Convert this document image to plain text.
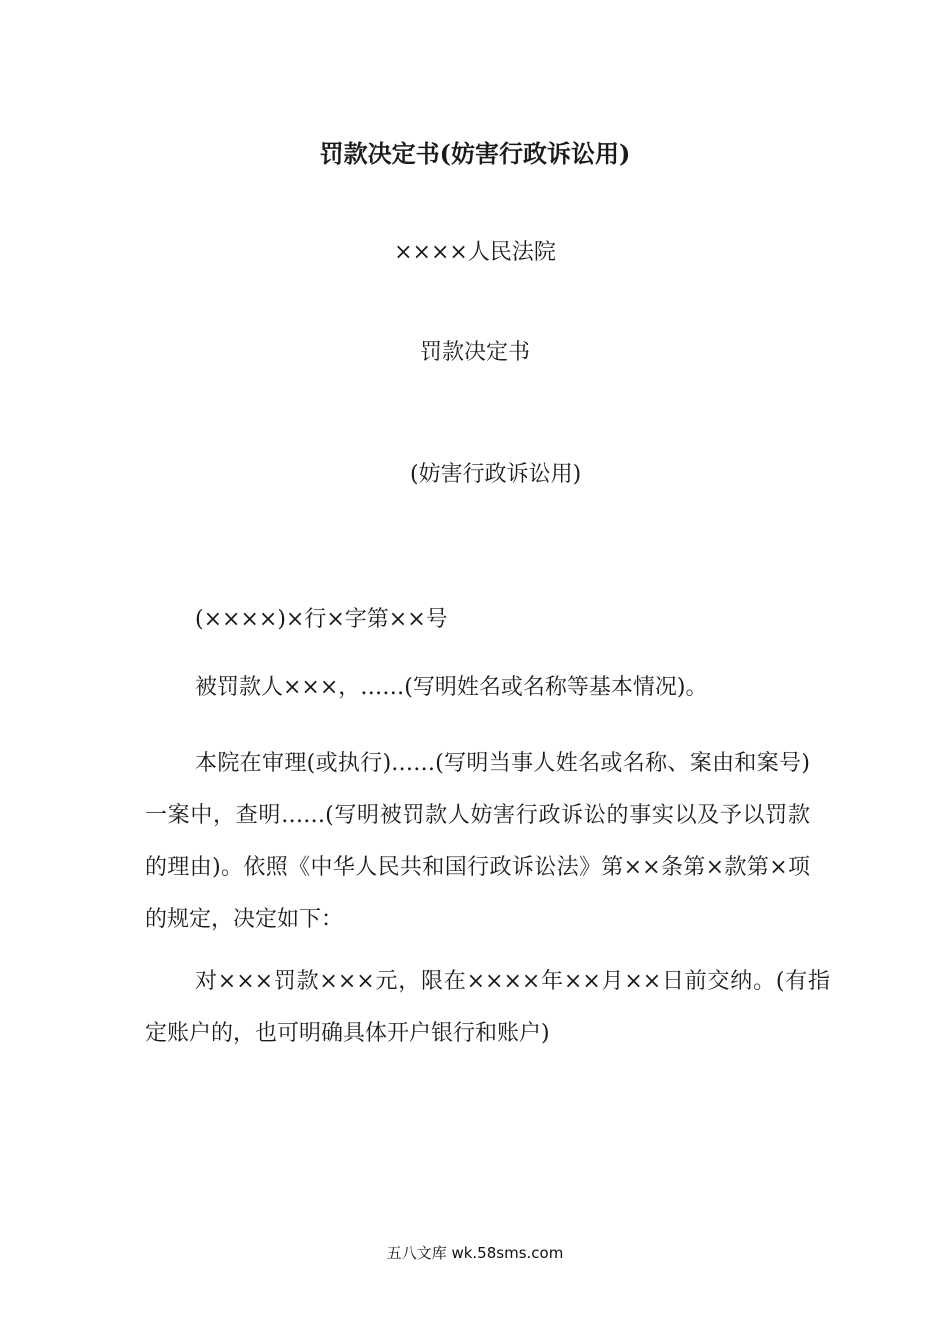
罚款决定书(妨害行政诉讼用)
××××人民法院
罚款决定书
(妨害行政诉讼用)
(××××)×行×字第××号
被罚款人×××，……(写明姓名或名称等基本情况)。
本院在审理(或执行)……(写明当事人姓名或名称、案由和案号)一案中，查明……(写明被罚款人妨害行政诉讼的事实以及予以罚款的理由)。依照《中华人民共和国行政诉讼法》第××条第×款第×项的规定，决定如下：
对×××罚款×××元，限在××××年××月××日前交纳。(有指定账户的，也可明确具体开户银行和账户)
五八文库 wk.58sms.com
